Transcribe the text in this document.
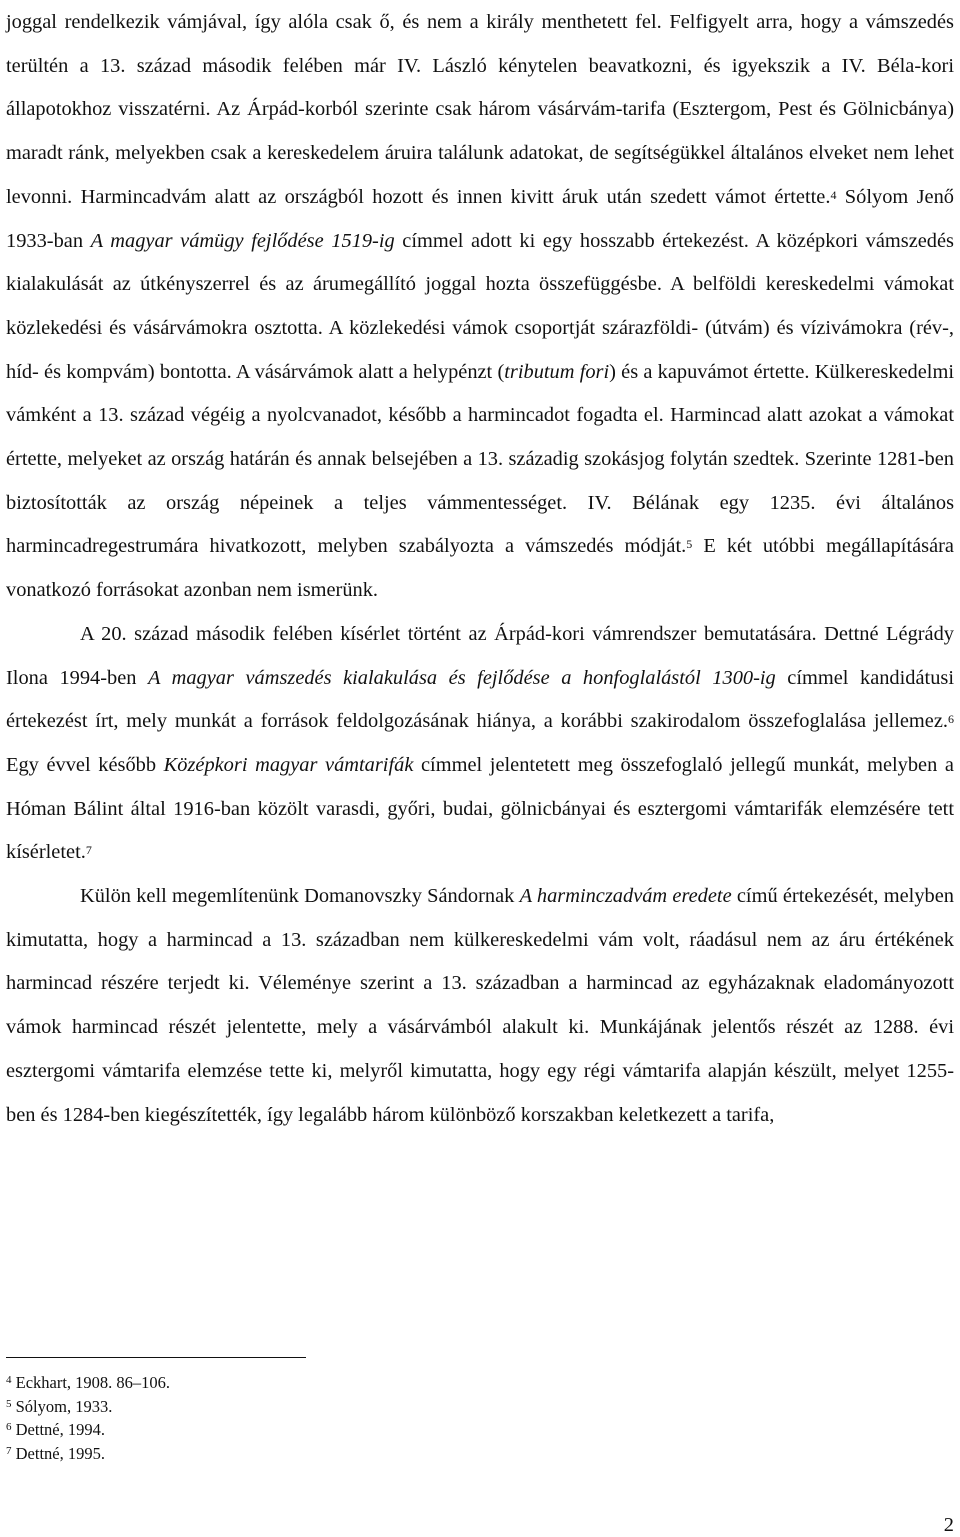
joggal rendelkezik vámjával, így alóla csak ő, és nem a király menthetett fel. Felfigyelt arra, hogy a vámszedés terültén a 13. század második felében már IV. László kénytelen beavatkozni, és igyekszik a IV. Béla-kori állapotokhoz visszatérni. Az Árpád-korból szerinte csak három vásárvám-tarifa (Esztergom, Pest és Gölnicbánya) maradt ránk, melyekben csak a kereskedelem áruira találunk adatokat, de segítségükkel általános elveket nem lehet levonni. Harmincadvám alatt az országból hozott és innen kivitt áruk után szedett vámot értette.$^4$ Sólyom Jenő 1933-ban A magyar vámügy fejlődése 1519-ig címmel adott ki egy hosszabb értekezést. A középkori vámszedés kialakulását az útkényszerrel és az árumegállító joggal hozta összefüggésbe. A belföldi kereskedelmi vámokat közlekedési és vásárvámokra osztotta. A közlekedési vámok csoportját szárazföldi- (útvám) és vízivámokra (rév-, híd- és kompvám) bontotta. A vásárvámok alatt a helypénzt (tributum fori) és a kapuvámot értette. Külkereskedelmi vámként a 13. század végéig a nyolcvanadot, később a harmincadot fogadta el. Harmincad alatt azokat a vámokat értette, melyeket az ország határán és annak belsejében a 13. századig szokásjog folytán szedtek. Szerinte 1281-ben biztosították az ország népeinek a teljes vámmentességet. IV. Bélának egy 1235. évi általános harmincadregestrumára hivatkozott, melyben szabályozta a vámszedés módját.$^5$ E két utóbbi megállapítására vonatkozó forrásokat azonban nem ismerünk.

A 20. század második felében kísérlet történt az Árpád-kori vámrendszer bemutatására. Dettné Légrády Ilona 1994-ben A magyar vámszedés kialakulása és fejlődése a honfoglalástól 1300-ig címmel kandidátusi értekezést írt, mely munkát a források feldolgozásának hiánya, a korábbi szakirodalom összefoglalása jellemez.$^6$ Egy évvel később Középkori magyar vámtarifák címmel jelentetett meg összefoglaló jellegű munkát, melyben a Hóman Bálint által 1916-ban közölt varasdi, győri, budai, gölnicbányai és esztergomi vámtarifák elemzésére tett kísérletet.$^7$

Külön kell megemlítenünk Domanovszky Sándornak A harminczadvám eredete című értekezését, melyben kimutatta, hogy a harmincad a 13. században nem külkereskedelmi vám volt, ráadásul nem az áru értékének harmincad részére terjedt ki. Véleménye szerint a 13. században a harmincad az egyházaknak eladományozott vámok harmincad részét jelentette, mely a vásárvámból alakult ki. Munkájának jelentős részét az 1288. évi esztergomi vámtarifa elemzése tette ki, melyről kimutatta, hogy egy régi vámtarifa alapján készült, melyet 1255-ben és 1284-ben kiegészítették, így legalább három különböző korszakban keletkezett a tarifa,

$^4$ Eckhart, 1908. 86–106.
$^5$ Sólyom, 1933.
$^6$ Dettné, 1994.
$^7$ Dettné, 1995.
2
